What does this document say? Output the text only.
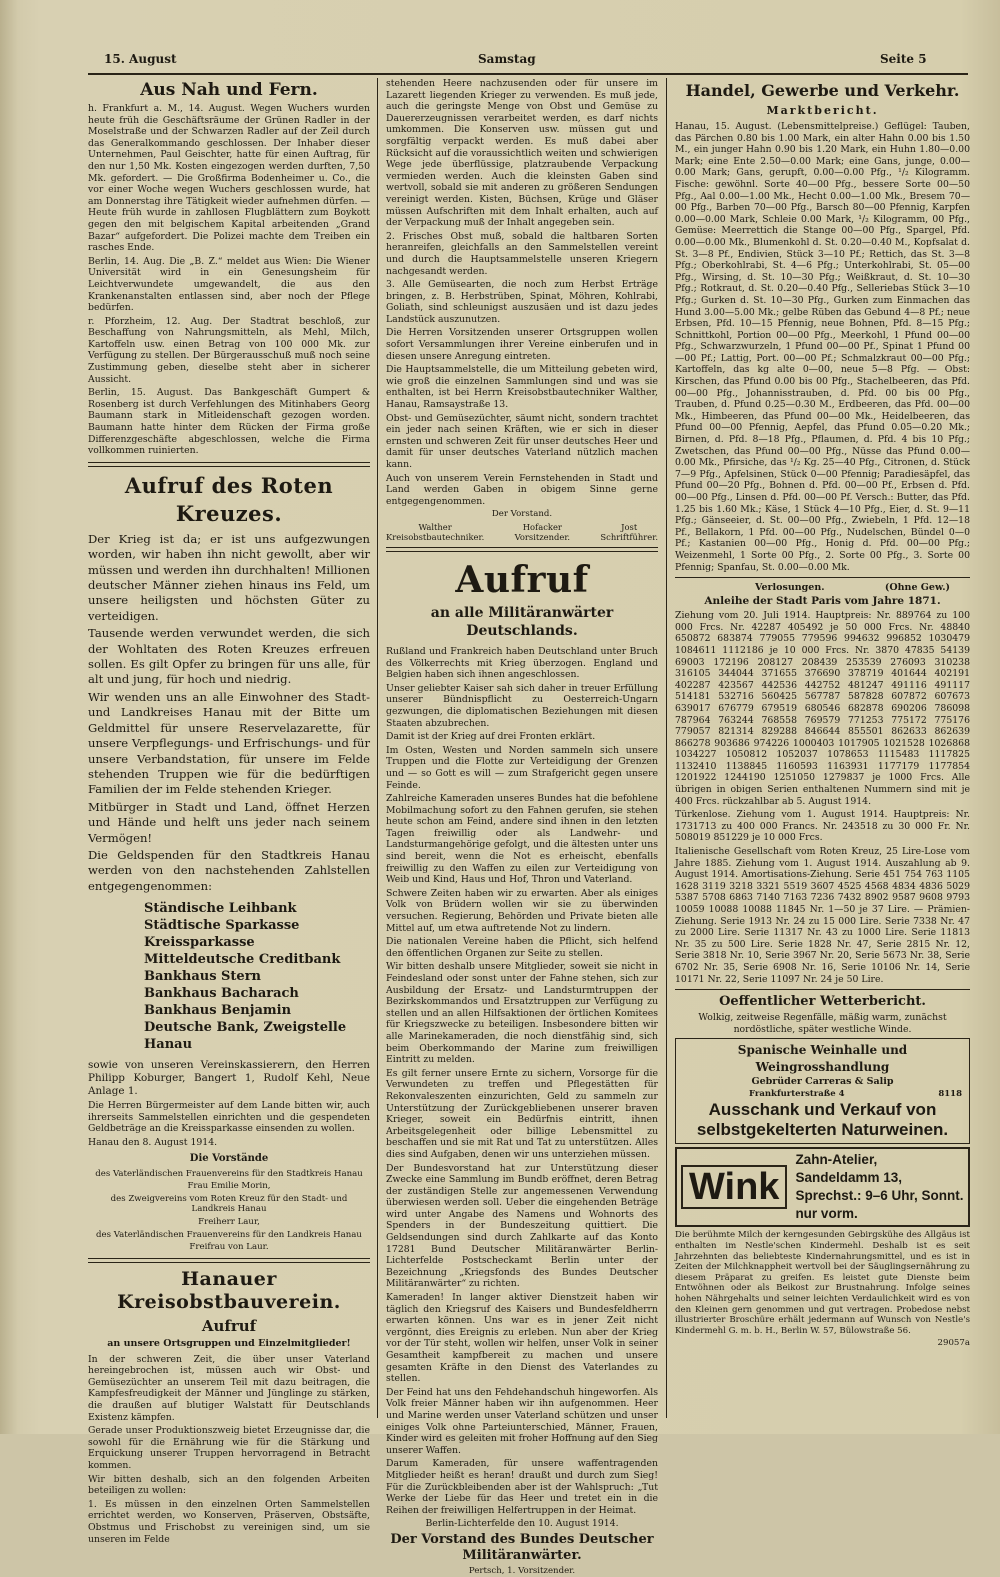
15. August	Samstag	Seite 5
Aus Nah und Fern.

h. Frankfurt a. M., 14. August. Wegen Wuchers wurden heute früh die Geschäftsräume der Grünen Radler in der Moselstraße und der Schwarzen Radler auf der Zeil durch das Generalkommando geschlossen. Der Inhaber dieser Unternehmen, Paul Geischter, hatte für einen Auftrag, für den nur 1,50 Mk. Kosten eingezogen werden durften, 7,50 Mk. gefordert. — Die Großfirma Bodenheimer u. Co., die vor einer Woche wegen Wuchers geschlossen wurde, hat am Donnerstag ihre Tätigkeit wieder aufnehmen dürfen. — Heute früh wurde in zahllosen Flugblättern zum Boykott gegen den mit belgischem Kapital arbeitenden „Grand Bazar“ aufgefordert. Die Polizei machte dem Treiben ein rasches Ende.

Berlin, 14. Aug. Die „B. Z.“ meldet aus Wien: Die Wiener Universität wird in ein Genesungsheim für Leichtverwundete umgewandelt, die aus den Krankenanstalten entlassen sind, aber noch der Pflege bedürfen.

r. Pforzheim, 12. Aug. Der Stadtrat beschloß, zur Beschaffung von Nahrungsmitteln, als Mehl, Milch, Kartoffeln usw. einen Betrag von 100 000 Mk. zur Verfügung zu stellen. Der Bürgerausschuß muß noch seine Zustimmung geben, dieselbe steht aber in sicherer Aussicht.

Berlin, 15. August. Das Bankgeschäft Gumpert & Rosenberg ist durch Verfehlungen des Mitinhabers Georg Baumann stark in Mitleidenschaft gezogen worden. Baumann hatte hinter dem Rücken der Firma große Differenzgeschäfte abgeschlossen, welche die Firma vollkommen ruinierten.

Aufruf des Roten Kreuzes.

Der Krieg ist da; er ist uns aufgezwungen worden, wir haben ihn nicht gewollt, aber wir müssen und werden ihn durchhalten! Millionen deutscher Männer ziehen hinaus ins Feld, um unsere heiligsten und höchsten Güter zu verteidigen.

Tausende werden verwundet werden, die sich der Wohltaten des Roten Kreuzes erfreuen sollen. Es gilt Opfer zu bringen für uns alle, für alt und jung, für hoch und niedrig.

Wir wenden uns an alle Einwohner des Stadt- und Landkreises Hanau mit der Bitte um Geldmittel für unsere Reservelazarette, für unsere Verpflegungs- und Erfrischungs- und für unsere Verbandstation, für unsere im Felde stehenden Truppen wie für die bedürftigen Familien der im Felde stehenden Krieger.

Mitbürger in Stadt und Land, öffnet Herzen und Hände und helft uns jeder nach seinem Vermögen!

Die Geldspenden für den Stadtkreis Hanau werden von den nachstehenden Zahlstellen entgegengenommen:

Ständische Leihbank
Städtische Sparkasse
Kreissparkasse
Mitteldeutsche Creditbank
Bankhaus Stern
Bankhaus Bacharach
Bankhaus Benjamin
Deutsche Bank, Zweigstelle Hanau

sowie von unseren Vereinskassierern, den Herren Philipp Koburger, Bangert 1, Rudolf Kehl, Neue Anlage 1.

Die Herren Bürgermeister auf dem Lande bitten wir, auch ihrerseits Sammelstellen einrichten und die gespendeten Geldbeträge an die Kreissparkasse einsenden zu wollen.

Hanau den 8. August 1914.

Die Vorstände

des Vaterländischen Frauenvereins für den Stadtkreis Hanau

Frau Emilie Morin,

des Zweigvereins vom Roten Kreuz für den Stadt- und Landkreis Hanau

Freiherr Laur,

des Vaterländischen Frauenvereins für den Landkreis Hanau

Freifrau von Laur.

Hanauer Kreisobstbauverein.
Aufruf
an unsere Ortsgruppen und Einzelmitglieder!

In der schweren Zeit, die über unser Vaterland hereingebrochen ist, müssen auch wir Obst- und Gemüsezüchter an unserem Teil mit dazu beitragen, die Kampfesfreudigkeit der Männer und Jünglinge zu stärken, die draußen auf blutiger Walstatt für Deutschlands Existenz kämpfen.

Gerade unser Produktionszweig bietet Erzeugnisse dar, die sowohl für die Ernährung wie für die Stärkung und Erquickung unserer Truppen hervorragend in Betracht kommen.

Wir bitten deshalb, sich an den folgenden Arbeiten beteiligen zu wollen:

1. Es müssen in den einzelnen Orten Sammelstellen errichtet werden, wo Konserven, Präserven, Obstsäfte, Obstmus und Frischobst zu vereinigen sind, um sie unseren im Felde

stehenden Heere nachzusenden oder für unsere im Lazarett liegenden Krieger zu verwenden. Es muß jede, auch die geringste Menge von Obst und Gemüse zu Dauererzeugnissen verarbeitet werden, es darf nichts umkommen. Die Konserven usw. müssen gut und sorgfältig verpackt werden. Es muß dabei aber Rücksicht auf die voraussichtlich weiten und schwierigen Wege jede überflüssige, platzraubende Verpackung vermieden werden. Auch die kleinsten Gaben sind wertvoll, sobald sie mit anderen zu größeren Sendungen vereinigt werden. Kisten, Büchsen, Krüge und Gläser müssen Aufschriften mit dem Inhalt erhalten, auch auf der Verpackung muß der Inhalt angegeben sein.

2. Frisches Obst muß, sobald die haltbaren Sorten heranreifen, gleichfalls an den Sammelstellen vereint und durch die Hauptsammelstelle unseren Kriegern nachgesandt werden.

3. Alle Gemüsearten, die noch zum Herbst Erträge bringen, z. B. Herbstrüben, Spinat, Möhren, Kohlrabi, Goliath, sind schleunigst auszusäen und ist dazu jedes Landstück auszunutzen.

Die Herren Vorsitzenden unserer Ortsgruppen wollen sofort Versammlungen ihrer Vereine einberufen und in diesen unsere Anregung eintreten.

Die Hauptsammelstelle, die um Mitteilung gebeten wird, wie groß die einzelnen Sammlungen sind und was sie enthalten, ist bei Herrn Kreisobstbautechniker Walther, Hanau, Ramsaystraße 13.

Obst- und Gemüsezüchter, säumt nicht, sondern trachtet ein jeder nach seinen Kräften, wie er sich in dieser ernsten und schweren Zeit für unser deutsches Heer und damit für unser deutsches Vaterland nützlich machen kann.

Auch von unserem Verein Fernstehenden in Stadt und Land werden Gaben in obigem Sinne gerne entgegengenommen.

Der Vorstand.

Walther
Kreisobstbautechniker.
Hofacker
Vorsitzender.
Jost
Schriftführer.
Aufruf
an alle Militäranwärter Deutschlands.

Rußland und Frankreich haben Deutschland unter Bruch des Völkerrechts mit Krieg überzogen. England und Belgien haben sich ihnen angeschlossen.

Unser geliebter Kaiser sah sich daher in treuer Erfüllung unserer Bündnispflicht zu Oesterreich-Ungarn gezwungen, die diplomatischen Beziehungen mit diesen Staaten abzubrechen.

Damit ist der Krieg auf drei Fronten erklärt.

Im Osten, Westen und Norden sammeln sich unsere Truppen und die Flotte zur Verteidigung der Grenzen und — so Gott es will — zum Strafgericht gegen unsere Feinde.

Zahlreiche Kameraden unseres Bundes hat die befohlene Mobilmachung sofort zu den Fahnen gerufen, sie stehen heute schon am Feind, andere sind ihnen in den letzten Tagen freiwillig oder als Landwehr- und Landsturmangehörige gefolgt, und die ältesten unter uns sind bereit, wenn die Not es erheischt, ebenfalls freiwillig zu den Waffen zu eilen zur Verteidigung von Weib und Kind, Haus und Hof, Thron und Vaterland.

Schwere Zeiten haben wir zu erwarten. Aber als einiges Volk von Brüdern wollen wir sie zu überwinden versuchen. Regierung, Behörden und Private bieten alle Mittel auf, um etwa auftretende Not zu lindern.

Die nationalen Vereine haben die Pflicht, sich helfend den öffentlichen Organen zur Seite zu stellen.

Wir bitten deshalb unsere Mitglieder, soweit sie nicht in Feindesland oder sonst unter der Fahne stehen, sich zur Ausbildung der Ersatz- und Landsturmtruppen der Bezirkskommandos und Ersatztruppen zur Verfügung zu stellen und an allen Hilfsaktionen der örtlichen Komitees für Kriegszwecke zu beteiligen. Insbesondere bitten wir alle Marinekameraden, die noch dienstfähig sind, sich beim Oberkommando der Marine zum freiwilligen Eintritt zu melden.

Es gilt ferner unsere Ernte zu sichern, Vorsorge für die Verwundeten zu treffen und Pflegestätten für Rekonvaleszenten einzurichten, Geld zu sammeln zur Unterstützung der Zurückgebliebenen unserer braven Krieger, soweit ein Bedürfnis eintritt, ihnen Arbeitsgelegenheit oder billige Lebensmittel zu beschaffen und sie mit Rat und Tat zu unterstützen. Alles dies sind Aufgaben, denen wir uns unterziehen müssen.

Der Bundesvorstand hat zur Unterstützung dieser Zwecke eine Sammlung im Bundb eröffnet, deren Betrag der zuständigen Stelle zur angemessenen Verwendung überwiesen werden soll. Ueber die eingehenden Beträge wird unter Angabe des Namens und Wohnorts des Spenders in der Bundeszeitung quittiert. Die Geldsendungen sind durch Zahlkarte auf das Konto 17281 Bund Deutscher Militäranwärter Berlin-Lichterfelde Postscheckamt Berlin unter der Bezeichnung „Kriegsfonds des Bundes Deutscher Militäranwärter“ zu richten.

Kameraden! In langer aktiver Dienstzeit haben wir täglich den Kriegsruf des Kaisers und Bundesfeldherrn erwarten können. Uns war es in jener Zeit nicht vergönnt, dies Ereignis zu erleben. Nun aber der Krieg vor der Tür steht, wollen wir helfen, unser Volk in seiner Gesamtheit kampfbereit zu machen und unsere gesamten Kräfte in den Dienst des Vaterlandes zu stellen.

Der Feind hat uns den Fehdehandschuh hingeworfen. Als Volk freier Männer haben wir ihn aufgenommen. Heer und Marine werden unser Vaterland schützen und unser einiges Volk ohne Parteiunterschied, Männer, Frauen, Kinder wird es geleiten mit froher Hoffnung auf den Sieg unserer Waffen.

Darum Kameraden, für unsere waffentragenden Mitglieder heißt es heran! draußt und durch zum Sieg! Für die Zurückbleibenden aber ist der Wahlspruch: „Tut Werke der Liebe für das Heer und tretet ein in die Reihen der freiwilligen Helfertruppen in der Heimat.

Berlin-Lichterfelde den 10. August 1914.

Der Vorstand des Bundes Deutscher Militäranwärter.

Pertsch, 1. Vorsitzender.

Handel, Gewerbe und Verkehr.
Marktbericht.

Hanau, 15. August. (Lebensmittelpreise.) Geflügel: Tauben, das Pärchen 0.80 bis 1.00 Mark, ein alter Hahn 0.00 bis 1.50 M., ein junger Hahn 0.90 bis 1.20 Mark, ein Huhn 1.80—0.00 Mark; eine Ente 2.50—0.00 Mark; eine Gans, junge, 0.00—0.00 Mark; Gans, gerupft, 0.00—0.00 Pfg., ¹/₂ Kilogramm. Fische: gewöhnl. Sorte 40—00 Pfg., bessere Sorte 00—50 Pfg., Aal 0.00—1.00 Mk., Hecht 0.00—1.00 Mk., Bresem 70—00 Pfg., Barben 70—00 Pfg., Barsch 80—00 Pfennig, Karpfen 0.00—0.00 Mark, Schleie 0.00 Mark, ¹/₂ Kilogramm, 00 Pfg., Gemüse: Meerrettich die Stange 00—00 Pfg., Spargel, Pfd. 0.00—0.00 Mk., Blumenkohl d. St. 0.20—0.40 M., Kopfsalat d. St. 3—8 Pf., Endivien, Stück 3—10 Pf.; Rettich, das St. 3—8 Pfg.; Oberkohlrabi, St. 4—6 Pfg.; Unterkohlrabi, St. 05—00 Pfg., Wirsing, d. St. 10—30 Pfg.; Weißkraut, d. St. 10—30 Pfg.; Rotkraut, d. St. 0.20—0.40 Pfg., Selleriebas Stück 3—10 Pfg.; Gurken d. St. 10—30 Pfg., Gurken zum Einmachen das Hund 3.00—5.00 Mk.; gelbe Rüben das Gebund 4—8 Pf.; neue Erbsen, Pfd. 10—15 Pfennig, neue Bohnen, Pfd. 8—15 Pfg.; Schnittkohl, Portion 00—00 Pfg., Meerkohl, 1 Pfund 00—00 Pfg., Schwarzwurzeln, 1 Pfund 00—00 Pf., Spinat 1 Pfund 00—00 Pf.; Lattig, Port. 00—00 Pf.; Schmalzkraut 00—00 Pfg.; Kartoffeln, das kg alte 0—00, neue 5—8 Pfg. — Obst: Kirschen, das Pfund 0.00 bis 00 Pfg., Stachelbeeren, das Pfd. 00—00 Pfg., Johannisstrauben, d. Pfd. 00 bis 00 Pfg., Trauben, d. Pfund 0.25—0.30 M., Erdbeeren, das Pfd. 00—00 Mk., Himbeeren, das Pfund 00—00 Mk., Heidelbeeren, das Pfund 00—00 Pfennig, Aepfel, das Pfund 0.05—0.20 Mk.; Birnen, d. Pfd. 8—18 Pfg., Pflaumen, d. Pfd. 4 bis 10 Pfg.; Zwetschen, das Pfund 00—00 Pfg., Nüsse das Pfund 0.00—0.00 Mk., Pfirsiche, das ¹/₂ Kg. 25—40 Pfg., Citronen, d. Stück 7—9 Pfg., Apfelsinen, Stück 0—00 Pfennig; Paradiesäpfel, das Pfund 00—20 Pfg., Bohnen d. Pfd. 00—00 Pf., Erbsen d. Pfd. 00—00 Pfg., Linsen d. Pfd. 00—00 Pf. Versch.: Butter, das Pfd. 1.25 bis 1.60 Mk.; Käse, 1 Stück 4—10 Pfg., Eier, d. St. 9—11 Pfg.; Gänseeier, d. St. 00—00 Pfg., Zwiebeln, 1 Pfd. 12—18 Pf., Bellakorn, 1 Pfd. 00—00 Pfg., Nudelschen, Bündel 0—0 Pf.; Kastanien 00—00 Pfg., Honig d. Pfd. 00—00 Pfg.; Weizenmehl, 1 Sorte 00 Pfg., 2. Sorte 00 Pfg., 3. Sorte 00 Pfennig; Spanfau, St. 0.00—0.00 Mk.

Verlosungen.	(Ohne Gew.)
Anleihe der Stadt Paris vom Jahre 1871.

Ziehung vom 20. Juli 1914. Hauptpreis: Nr. 889764 zu 100 000 Frcs. Nr. 42287 405492 je 50 000 Frcs. Nr. 48840 650872 683874 779055 779596 994632 996852 1030479 1084611 1112186 je 10 000 Frcs. Nr. 3870 47835 54139 69003 172196 208127 208439 253539 276093 310238 316105 344044 371655 376690 378719 401644 402191 402287 423567 442536 442752 481247 491116 491117 514181 532716 560425 567787 587828 607872 607673 639017 676779 679519 680546 682878 690206 786098 787964 763244 768558 769579 771253 775172 775176 779057 821314 829288 846644 855501 862633 862639 866278 903686 974226 1000403 1017905 1021528 1026868 1034227 1050812 1052037 1078653 1115483 1117825 1132410 1138845 1160593 1163931 1177179 1177854 1201922 1244190 1251050 1279837 je 1000 Frcs. Alle übrigen in obigen Serien enthaltenen Nummern sind mit je 400 Frcs. rückzahlbar ab 5. August 1914.

Türkenlose. Ziehung vom 1. August 1914. Hauptpreis: Nr. 1731713 zu 400 000 Francs. Nr. 243518 zu 30 000 Fr. Nr. 508019 851229 je 10 000 Frcs.

Italienische Gesellschaft vom Roten Kreuz, 25 Lire-Lose vom Jahre 1885. Ziehung vom 1. August 1914. Auszahlung ab 9. August 1914. Amortisations-Ziehung. Serie 451 754 763 1105 1628 3119 3218 3321 5519 3607 4525 4568 4834 4836 5029 5387 5708 6863 7140 7163 7236 7432 8902 9587 9608 9793 10059 10088 10088 11845 Nr. 1—50 je 37 Lire. — Prämien-Ziehung. Serie 1913 Nr. 24 zu 15 000 Lire. Serie 7338 Nr. 47 zu 2000 Lire. Serie 11317 Nr. 43 zu 1000 Lire. Serie 11813 Nr. 35 zu 500 Lire. Serie 1828 Nr. 47, Serie 2815 Nr. 12, Serie 3818 Nr. 10, Serie 3967 Nr. 20, Serie 5673 Nr. 38, Serie 6702 Nr. 35, Serie 6908 Nr. 16, Serie 10106 Nr. 14, Serie 10171 Nr. 22, Serie 11097 Nr. 24 je 50 Lire.

Oeffentlicher Wetterbericht.

Wolkig, zeitweise Regenfälle, mäßig warm, zunächst nordöstliche, später westliche Winde.

Spanische Weinhalle und Weingrosshandlung
Gebrüder Carreras & Salip
Frankfurterstraße 4	8118
Ausschank und Verkauf von
selbstgekelterten Naturweinen.
Wink
Zahn-Atelier, Sandeldamm 13,
Sprechst.: 9–6 Uhr, Sonnt. nur vorm.

Die berühmte Milch der kerngesunden Gebirgskühe des Allgäus ist enthalten im Nestle'schen Kindermehl. Deshalb ist es seit Jahrzehnten das beliebteste Kindernahrungsmittel, und es ist in Zeiten der Milchknappheit wertvoll bei der Säuglingsernährung zu diesem Präparat zu greifen. Es leistet gute Dienste beim Entwöhnen oder als Beikost zur Brustnahrung. Infolge seines hohen Nährgehalts und seiner leichten Verdaulichkeit wird es von den Kleinen gern genommen und gut vertragen. Probedose nebst illustrierter Broschüre erhält jedermann auf Wunsch von Nestle's Kindermehl G. m. b. H., Berlin W. 57, Bülowstraße 56.

29057a
